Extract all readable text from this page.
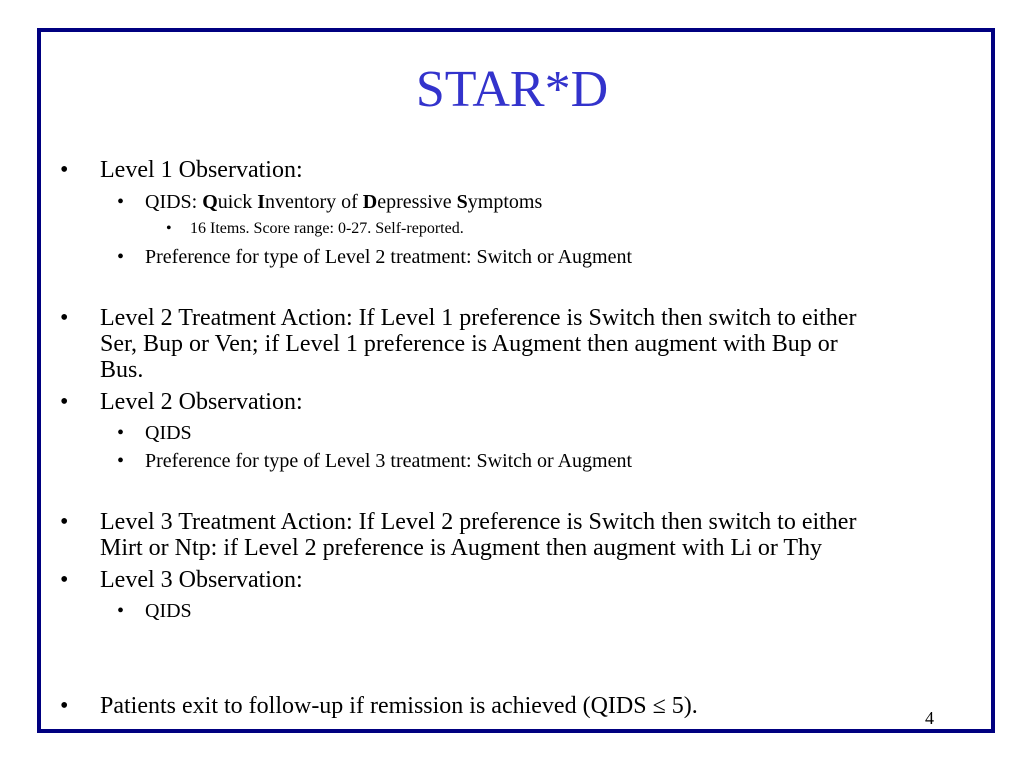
STAR*D
• Level 1 Observation:
• QIDS: Quick Inventory of Depressive Symptoms
• 16 Items. Score range: 0-27. Self-reported.
• Preference for type of Level 2 treatment: Switch or Augment
• Level 2 Treatment Action: If Level 1 preference is Switch then switch to either
Ser, Bup or Ven; if Level 1 preference is Augment then augment with Bup or
Bus.
• Level 2 Observation:
• QIDS
• Preference for type of Level 3 treatment: Switch or Augment
• Level 3 Treatment Action: If Level 2 preference is Switch then switch to either
Mirt or Ntp: if Level 2 preference is Augment then augment with Li or Thy
• Level 3 Observation:
• QIDS
• Patients exit to follow-up if remission is achieved (QIDS ≤ 5).	4
